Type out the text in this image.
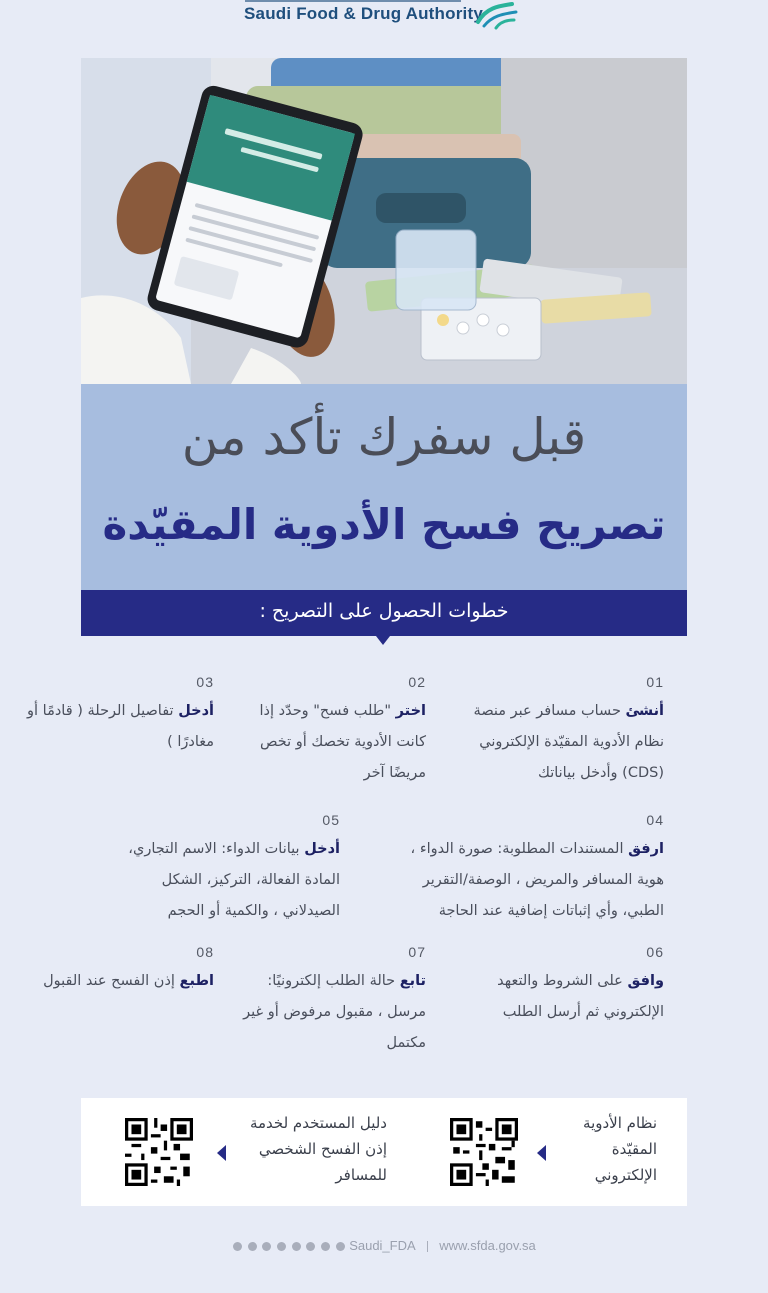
Saudi Food & Drug Authority
قبل سفرك تأكد من
تصريح فسح الأدوية المقيّدة
خطوات الحصول على التصريح :
01
أنشئ حساب مسافر عبر منصة نظام الأدوية المقيّدة الإلكتروني (CDS) وأدخل بياناتك
02
اختر "طلب فسح" وحدّد إذا كانت الأدوية تخصك أو تخص مريضًا آخر
03
أدخل تفاصيل الرحلة ( قادمًا أو مغادرًا )
04
ارفق المستندات المطلوبة: صورة الدواء ، هوية المسافر والمريض ، الوصفة/التقرير الطبي، وأي إثباتات إضافية عند الحاجة
05
أدخل بيانات الدواء: الاسم التجاري، المادة الفعالة، التركيز، الشكل الصيدلاني ، والكمية أو الحجم
06
وافق على الشروط والتعهد الإلكتروني ثم أرسل الطلب
07
تابع حالة الطلب إلكترونيًا: مرسل ، مقبول مرفوض أو غير مكتمل
08
اطبع إذن الفسح عند القبول
نظام الأدوية المقيّدة الإلكتروني
دليل المستخدم لخدمة إذن الفسح الشخصي للمسافر
Saudi_FDA www.sfda.gov.sa
